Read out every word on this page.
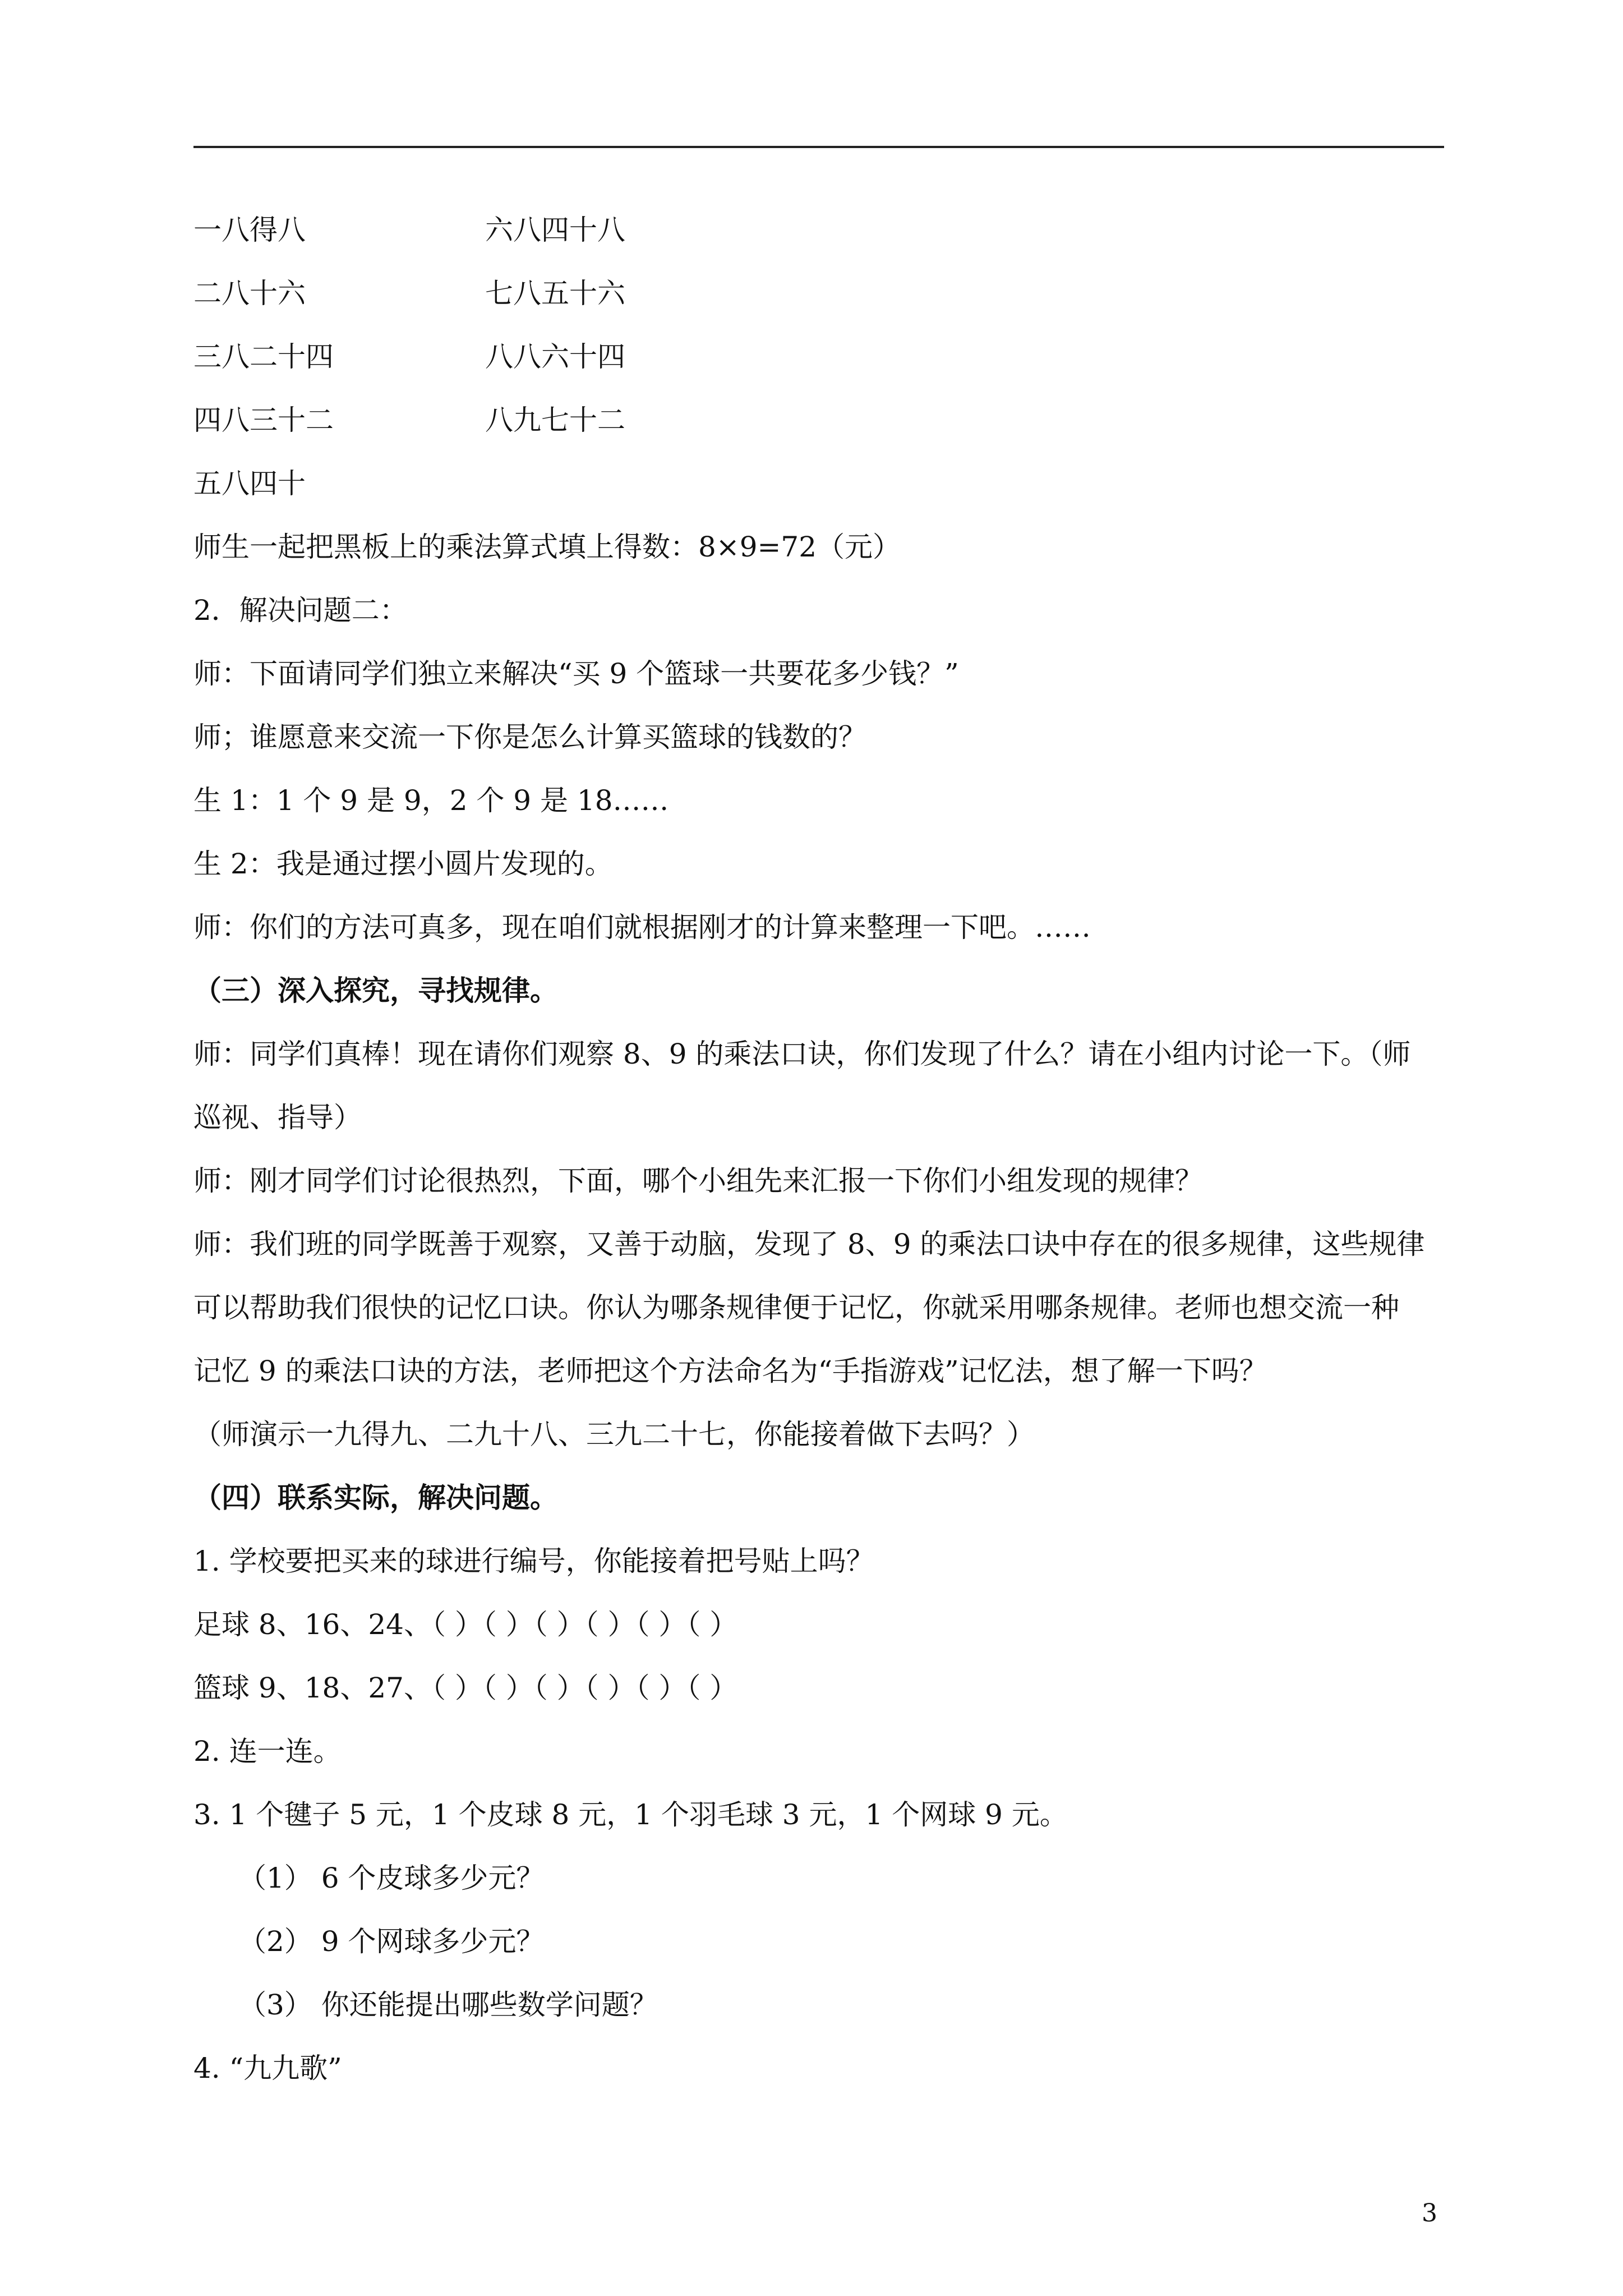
一八得八	六八四十八
二八十六	七八五十六
三八二十四	八八六十四
四八三十二	八九七十二
五八四十
师生一起把黑板上的乘法算式填上得数：8×9=72（元）
2．解决问题二：
师：下面请同学们独立来解决“买 9 个篮球一共要花多少钱？”
师；谁愿意来交流一下你是怎么计算买篮球的钱数的？
生 1：1 个 9 是 9，2 个 9 是 18……
生 2：我是通过摆小圆片发现的。
师：你们的方法可真多，现在咱们就根据刚才的计算来整理一下吧。……
（三）深入探究，寻找规律。
师：同学们真棒！现在请你们观察 8、9 的乘法口诀，你们发现了什么？请在小组内讨论一下。（师
巡视、指导）
师：刚才同学们讨论很热烈，下面，哪个小组先来汇报一下你们小组发现的规律？
师：我们班的同学既善于观察，又善于动脑，发现了 8、9 的乘法口诀中存在的很多规律，这些规律
可以帮助我们很快的记忆口诀。你认为哪条规律便于记忆，你就采用哪条规律。老师也想交流一种
记忆 9 的乘法口诀的方法，老师把这个方法命名为“手指游戏”记忆法，想了解一下吗？
（师演示一九得九、二九十八、三九二十七，你能接着做下去吗？）
（四）联系实际，解决问题。
1. 学校要把买来的球进行编号，你能接着把号贴上吗？
足球 8、16、24、（ ）（ ）（ ）（ ）（ ）（ ）
篮球 9、18、27、（ ）（ ）（ ）（ ）（ ）（ ）
2. 连一连。
3. 1 个毽子 5 元，1 个皮球 8 元，1 个羽毛球 3 元，1 个网球 9 元。
（1） 6 个皮球多少元？
（2） 9 个网球多少元？
（3） 你还能提出哪些数学问题？
4. “九九歌”
3
